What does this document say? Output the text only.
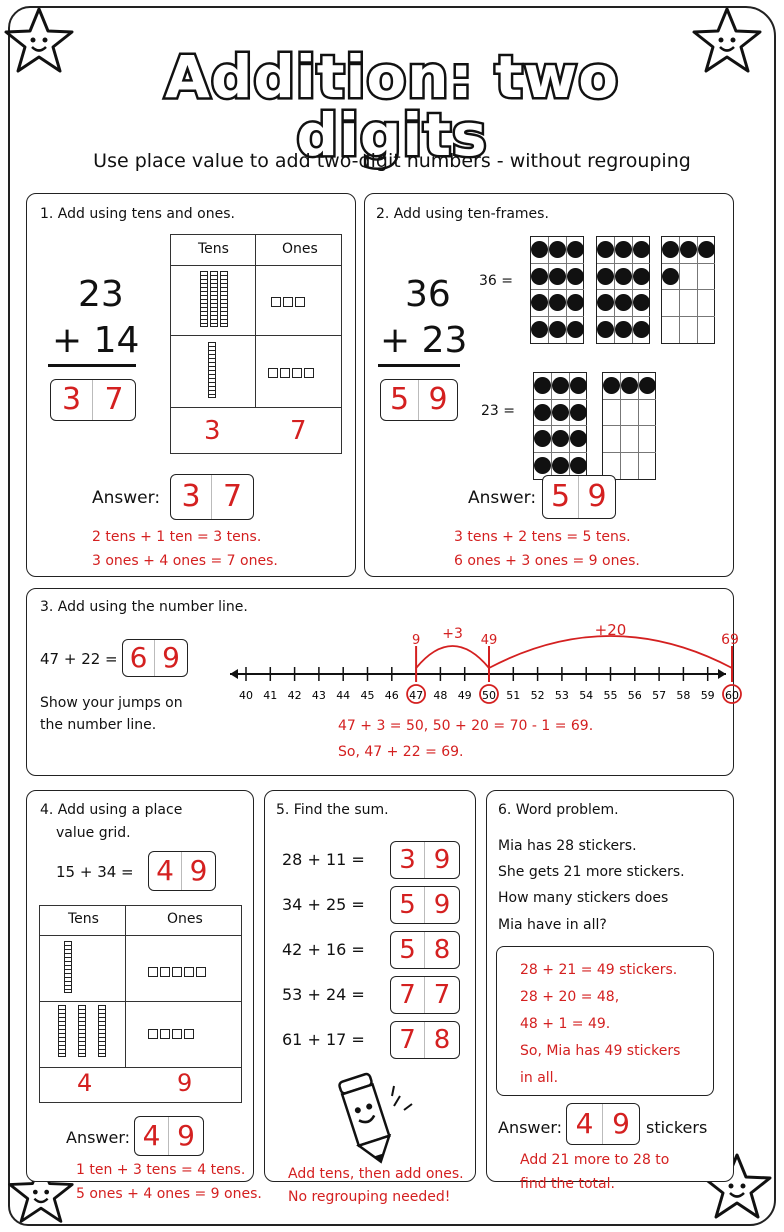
Addition: two digits
Use place value to add two-digit numbers - without regrouping
1. Add using tens and ones.
23
+ 14
3 7
Tens	Ones
3	7
Answer: 3 7
2 tens + 1 ten = 3 tens.
3 ones + 4 ones = 7 ones.
2. Add using ten-frames.
36
+ 23
5 9
36 =
23 =
Answer: 5 9
3 tens + 2 tens = 5 tens.
6 ones + 3 ones = 9 ones.
3. Add using the number line.
47 + 22 = 6 9
Show your jumps on the number line.
40 41 42 43 44 45 46 47 48 49 50 51 52 53 54 55 56 57 58 59 60
+3	+20
9	49	69
47 + 3 = 50, 50 + 20 = 70 - 1 = 69.
So, 47 + 22 = 69.
4. Add using a place
value grid.
15 + 34 = 4 9
Tens	Ones
4	9
Answer: 4 9
1 ten + 3 tens = 4 tens.
5 ones + 4 ones = 9 ones.
5. Find the sum.
28 + 11 =	3 9
34 + 25 =	5 9
42 + 16 =	5 8
53 + 24 =	7 7
61 + 17 =	7 8
Add tens, then add ones.
No regrouping needed!
6. Word problem.
Mia has 28 stickers.
She gets 21 more stickers.
How many stickers does
Mia have in all?
28 + 21 = 49 stickers.
28 + 20 = 48,
48 + 1 = 49.
So, Mia has 49 stickers
in all.
Answer: 4 9	stickers
Add 21 more to 28 to
find the total.
